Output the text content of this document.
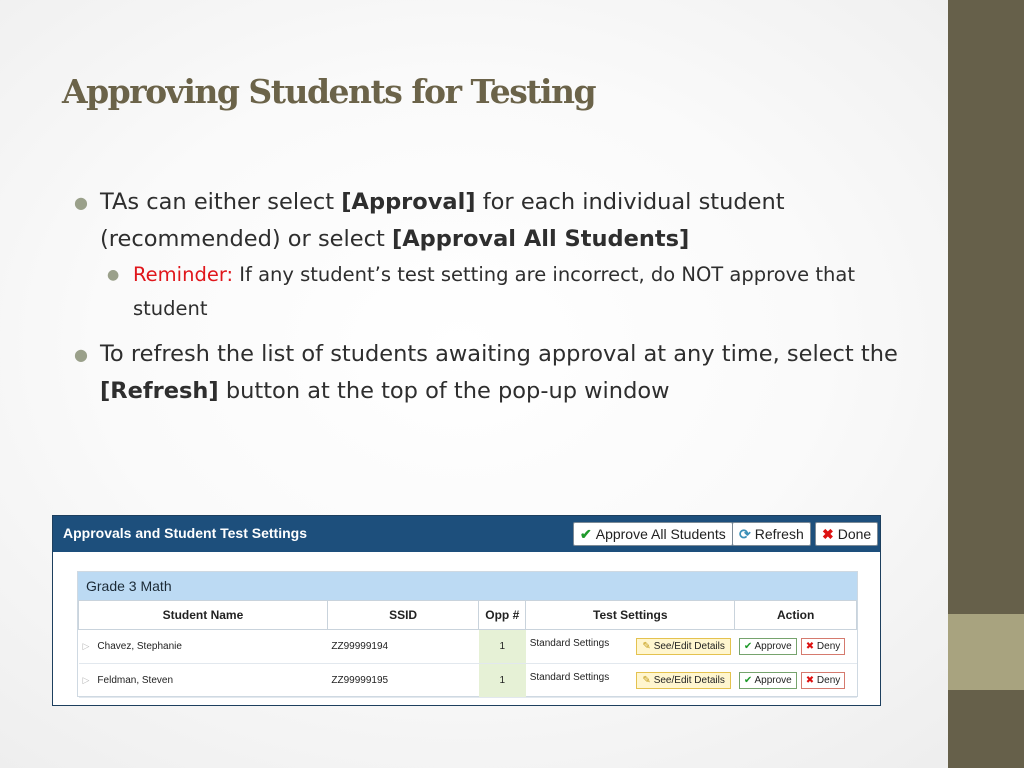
Approving Students for Testing
● TAs can either select [Approval] for each individual student (recommended) or select [Approval All Students]
● Reminder: If any student’s test setting are incorrect, do NOT approve that student
● To refresh the list of students awaiting approval at any time, select the [Refresh] button at the top of the pop-up window
Approvals and Student Test Settings	✔ Approve All Students ⟳ Refresh	✖ Done
Grade 3 Math
Student Name	SSID	Opp #	Test Settings	Action
▷ Chavez, Stephanie	ZZ99999194	1	Standard Settings ✎ See/Edit Details	✔ Approve ✖ Deny
▷ Feldman, Steven	ZZ99999195	1	Standard Settings ✎ See/Edit Details	✔ Approve ✖ Deny
